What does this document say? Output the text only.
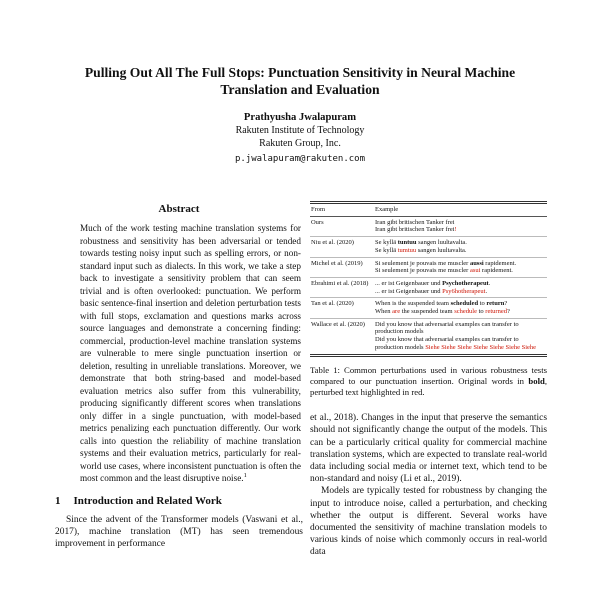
Pulling Out All The Full Stops: Punctuation Sensitivity in Neural Machine
Translation and Evaluation
Prathyusha Jwalapuram
Rakuten Institute of Technology
Rakuten Group, Inc.
p.jwalapuram@rakuten.com
Abstract

Much of the work testing machine translation systems for robustness and sensitivity has been adversarial or tended towards testing noisy input such as spelling errors, or non-standard input such as dialects. In this work, we take a step back to investigate a sensitivity problem that can seem trivial and is often overlooked: punctuation. We perform basic sentence-final insertion and deletion perturbation tests with full stops, exclamation and questions marks across source languages and demonstrate a concerning finding: commercial, production-level machine translation systems are vulnerable to mere single punctuation insertion or deletion, resulting in unreliable translations. Moreover, we demonstrate that both string-based and model-based evaluation metrics also suffer from this vulnerability, producing significantly different scores when translations only differ in a single punctuation, with model-based metrics penalizing each punctuation differently. Our work calls into question the reliability of machine translation systems and their evaluation metrics, particularly for real-world use cases, where inconsistent punctuation is often the most common and the least disruptive noise.$^1$

1 Introduction and Related Work

Since the advent of the Transformer models (Vaswani et al., 2017), machine translation (MT) has seen tremendous improvement in performance

From	Example
Ours	Iran gibt britischen Tanker frei
Iran gibt britischen Tanker frei!
Niu et al. (2020)	Se kyllä tuntuu sangen luultavalta.
Se kyllä tumtuu sangen luultavalta.
Michel et al. (2019)	Si seulement je pouvais me muscler aussi rapidement.
Si seulement je pouvais me muscler asui rapidement.
Ebrahimi et al. (2018)	... er ist Geigenbauer und Psychotherapeut.
... er ist Geigenbauer und Psy6hotherapeut.
Tan et al. (2020)	When is the suspended team scheduled to return?
When are the suspended team schedule to returned?
Wallace et al. (2020)	Did you know that adversarial examples can transfer to production models
Did you know that adversarial examples can transfer to production models Siehe Siehe Siehe Siehe Siehe Siehe Siehe

Table 1: Common perturbations used in various robustness tests compared to our punctuation insertion. Original words in bold, perturbed text highlighted in red.

et al., 2018). Changes in the input that preserve the semantics should not significantly change the output of the models. This can be a particularly critical quality for commercial machine translation systems, which are expected to translate real-world data including social media or internet text, which tend to be non-standard and noisy (Li et al., 2019).

Models are typically tested for robustness by changing the input to introduce noise, called a perturbation, and checking whether the output is different. Several works have documented the sensitivity of machine translation models to various kinds of noise which commonly occurs in real-world data
